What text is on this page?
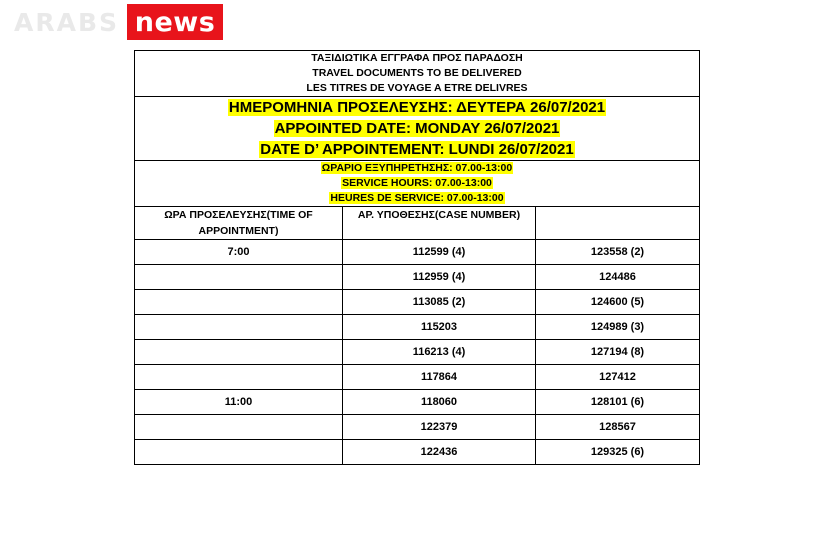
ARABS news
ΤΑΞΙΔΙΩΤΙΚΑ ΕΓΓΡΑΦΑ ΠΡΟΣ ΠΑΡΑΔΟΣΗ
TRAVEL DOCUMENTS TO BE DELIVERED
LES TITRES DE VOYAGE A ETRE DELIVRES		

ΗΜΕΡΟΜΗΝΙΑ ΠΡΟΣΕΛΕΥΣΗΣ: ΔΕΥΤΕΡΑ 26/07/2021
APPOINTED DATE: MONDAY 26/07/2021
DATE D’ APPOINTEMENT: LUNDI 26/07/2021		

ΩΡΑΡΙΟ ΕΞΥΠΗΡΕΤΗΣΗΣ: 07.00-13:00
SERVICE HOURS: 07.00-13:00
HEURES DE SERVICE: 07.00-13:00		

ΩΡΑ ΠΡΟΣΕΛΕΥΣΗΣ(TIME OF APPOINTMENT)	ΑΡ. ΥΠΟΘΕΣΗΣ(CASE NUMBER)	
7:00	112599 (4)	123558 (2)
	112959 (4)	124486
	113085 (2)	124600 (5)
	115203	124989 (3)
	116213 (4)	127194 (8)
	117864	127412
11:00	118060	128101 (6)
	122379	128567
	122436	129325 (6)
